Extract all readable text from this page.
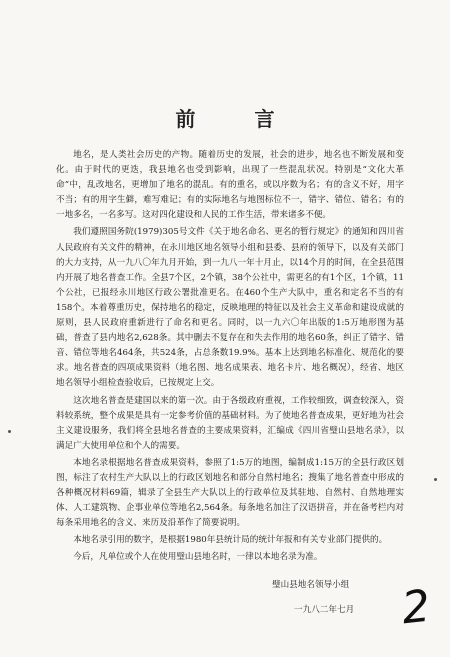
前 言

地名，是人类社会历史的产物。随着历史的发展，社会的进步，地名也不断发展和变化。由于时代的更迭，我县地名也受到影响，出现了一些混乱状况。特别是“文化大革命”中，乱改地名，更增加了地名的混乱。有的重名，或以序数为名；有的含义不好，用字不当；有的用字生僻，难写难记；有的实际地名与地图标位不一，错字、错位、错名；有的一地多名，一名多写。这对四化建设和人民的工作生活，带来诸多不便。

我们遵照国务院(1979)305号文件《关于地名命名、更名的暂行规定》的通知和四川省人民政府有关文件的精神，在永川地区地名领导小组和县委、县府的领导下，以及有关部门的大力支持，从一九八〇年九月开始，到一九八一年十月止，以14个月的时间，在全县范围内开展了地名普查工作。全县7个区，2个镇，38个公社中，需更名的有1个区，1个镇，11个公社，已报经永川地区行政公署批准更名。在460个生产大队中，重名和定名不当的有158个。本着尊重历史，保持地名的稳定，反映地理的特征以及社会主义革命和建设成就的原则，县人民政府重新进行了命名和更名。同时，以一九六〇年出版的1:5万地形图为基础，普查了县内地名2,628条。其中删去不复存在和失去作用的地名60条，纠正了错字、错音、错位等地名464条，共524条，占总条数19.9%。基本上达到地名标准化、规范化的要求。地名普查的四项成果资料（地名图、地名成果表、地名卡片、地名概况），经省、地区地名领导小组检查验收后，已按规定上交。

这次地名普查是建国以来的第一次。由于各级政府重视，工作较细致，调查较深入，资料较系统，整个成果是具有一定参考价值的基础材料。为了使地名普查成果，更好地为社会主义建设服务，我们将全县地名普查的主要成果资料，汇编成《四川省璧山县地名录》，以满足广大使用单位和个人的需要。

本地名录根据地名普查成果资料，参照了1:5万的地图，编制成1:15万的全县行政区划图，标注了农村生产大队以上的行政区划地名和部分自然村地名；搜集了地名普查中形成的各种概况材料69篇，辑录了全县生产大队以上的行政单位及其驻地、自然村、自然地理实体、人工建筑物、企事业单位等地名2,564条。每条地名加注了汉语拼音，并在备考栏内对每条采用地名的含义、来历及沿革作了简要说明。

本地名录引用的数字，是根据1980年县统计局的统计年报和有关专业部门提供的。

今后，凡单位或个人在使用璧山县地名时，一律以本地名录为准。

璧山县地名领导小组
一九八二年七月	2
